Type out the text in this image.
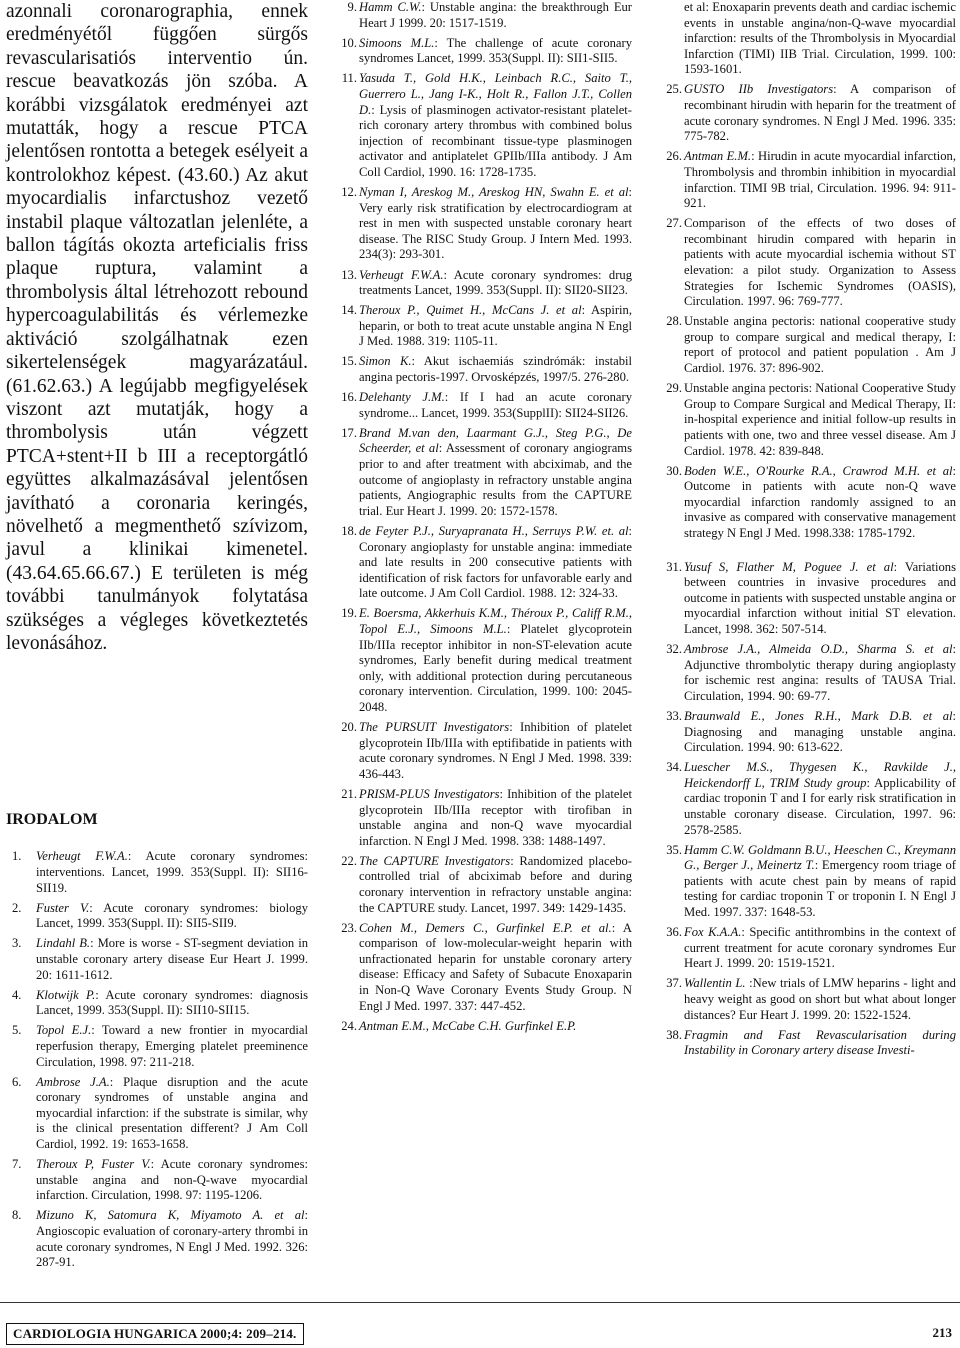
azonnali coronarographia, ennek eredményétől függően sürgős revascularisatiós interventio ún. rescue beavatkozás jön szóba. A korábbi vizsgálatok eredményei azt mutatták, hogy a rescue PTCA jelentősen rontotta a betegek esélyeit a kontrolokhoz képest. (43.60.) Az akut myocardialis infarctushoz vezető instabil plaque változatlan jelenléte, a ballon tágítás okozta arteficialis friss plaque ruptura, valamint a thrombolysis által létrehozott rebound hypercoagulabilitás és vérlemezke aktiváció szolgálhatnak ezen sikertelenségek magyarázatául. (61.62.63.) A legújabb megfigyelések viszont azt mutatják, hogy a thrombolysis után végzett PTCA+stent+II b III a receptorgátló együttes alkalmazásával jelentősen javítható a coronaria keringés, növelhető a megmenthető szívizom, javul a klinikai kimenetel. (43.64.65.66.67.) E területen is még további tanulmányok folytatása szükséges a végleges következtetés levonásához.

IRODALOM
1.	Verheugt F.W.A.: Acute coronary syndromes: interventions. Lancet, 1999. 353(Suppl. II): SII16-SII19.
2.	Fuster V.: Acute coronary syndromes: biology Lancet, 1999. 353(Suppl. II): SII5-SII9.
3.	Lindahl B.: More is worse - ST-segment deviation in unstable coronary artery disease Eur Heart J. 1999. 20: 1611-1612.
4.	Klotwijk P.: Acute coronary syndromes: diagnosis Lancet, 1999. 353(Suppl. II): SII10-SII15.
5.	Topol E.J.: Toward a new frontier in myocardial reperfusion therapy, Emerging platelet preeminence Circulation, 1998. 97: 211-218.
6.	Ambrose J.A.: Plaque disruption and the acute coronary syndromes of unstable angina and myocardial infarction: if the substrate is similar, why is the clinical presentation different? J Am Coll Cardiol, 1992. 19: 1653-1658.
7.	Theroux P, Fuster V.: Acute coronary syndromes: unstable angina and non-Q-wave myocardial infarction. Circulation, 1998. 97: 1195-1206.
8.	Mizuno K, Satomura K, Miyamoto A. et al: Angioscopic evaluation of coronary-artery thrombi in acute coronary syndromes, N Engl J Med. 1992. 326: 287-91.
9. Hamm C.W.: Unstable angina: the breakthrough Eur Heart J 1999. 20: 1517-1519.
10. Simoons M.L.: The challenge of acute coronary syndromes Lancet, 1999. 353(Suppl. II): SII1-SII5.
11. Yasuda T., Gold H.K., Leinbach R.C., Saito T., Guerrero L., Jang I-K., Holt R., Fallon J.T., Collen D.: Lysis of plasminogen activator-resistant platelet-rich coronary artery thrombus with combined bolus injection of recombinant tissue-type plasminogen activator and antiplatelet GPIIb/IIIa antibody. J Am Coll Cardiol, 1990. 16: 1728-1735.
12. Nyman I, Areskog M., Areskog HN, Swahn E. et al: Very early risk stratification by electrocardiogram at rest in men with suspected unstable coronary heart disease. The RISC Study Group. J Intern Med. 1993. 234(3): 293-301.
13. Verheugt F.W.A.: Acute coronary syndromes: drug treatments Lancet, 1999. 353(Suppl. II): SII20-SII23.
14. Theroux P., Quimet H., McCans J. et al: Aspirin, heparin, or both to treat acute unstable angina N Engl J Med. 1988. 319: 1105-11.
15. Simon K.: Akut ischaemiás szindrómák: instabil angina pectoris-1997. Orvosképzés, 1997/5. 276-280.
16. Delehanty J.M.: If I had an acute coronary syndrome... Lancet, 1999. 353(SupplII): SII24-SII26.
17. Brand M.van den, Laarmant G.J., Steg P.G., De Scheerder, et al: Assessment of coronary angiograms prior to and after treatment with abciximab, and the outcome of angioplasty in refractory unstable angina patients, Angiographic results from the CAPTURE trial. Eur Heart J. 1999. 20: 1572-1578.
18. de Feyter P.J., Suryapranata H., Serruys P.W. et. al: Coronary angioplasty for unstable angina: immediate and late results in 200 consecutive patients with identification of risk factors for unfavorable early and late outcome. J Am Coll Cardiol. 1988. 12: 324-33.
19. E. Boersma, Akkerhuis K.M., Théroux P., Califf R.M., Topol E.J., Simoons M.L.: Platelet glycoprotein IIb/IIIa receptor inhibitor in non-ST-elevation acute syndromes, Early benefit during medical treatment only, with additional protection during percutaneous coronary intervention. Circulation, 1999. 100: 2045-2048.
20. The PURSUIT Investigators: Inhibition of platelet glycoprotein IIb/IIIa with eptifibatide in patients with acute coronary syndromes. N Engl J Med. 1998. 339: 436-443.
21. PRISM-PLUS Investigators: Inhibition of the platelet glycoprotein IIb/IIIa receptor with tirofiban in unstable angina and non-Q wave myocardial infarction. N Engl J Med. 1998. 338: 1488-1497.
22. The CAPTURE Investigators: Randomized placebo-controlled trial of abciximab before and during coronary intervention in refractory unstable angina: the CAPTURE study. Lancet, 1997. 349: 1429-1435.
23. Cohen M., Demers C., Gurfinkel E.P. et al.: A comparison of low-molecular-weight heparin with unfractionated heparin for unstable coronary artery disease: Efficacy and Safety of Subacute Enoxaparin in Non-Q Wave Coronary Events Study Group. N Engl J Med. 1997. 337: 447-452.
24. Antman E.M., McCabe C.H. Gurfinkel E.P.

et al: Enoxaparin prevents death and cardiac ischemic events in unstable angina/non-Q-wave myocardial infarction: results of the Thrombolysis in Myocardial Infarction (TIMI) IIB Trial. Circulation, 1999. 100: 1593-1601.

25. GUSTO IIb Investigators: A comparison of recombinant hirudin with heparin for the treatment of acute coronary syndromes. N Engl J Med. 1996. 335: 775-782.
26. Antman E.M.: Hirudin in acute myocardial infarction, Thrombolysis and thrombin inhibition in myocardial infarction. TIMI 9B trial, Circulation. 1996. 94: 911-921.
27. Comparison of the effects of two doses of recombinant hirudin compared with heparin in patients with acute myocardial ischemia without ST elevation: a pilot study. Organization to Assess Strategies for Ischemic Syndromes (OASIS), Circulation. 1997. 96: 769-777.
28. Unstable angina pectoris: national cooperative study group to compare surgical and medical therapy, I: report of protocol and patient population . Am J Cardiol. 1976. 37: 896-902.
29. Unstable angina pectoris: National Cooperative Study Group to Compare Surgical and Medical Therapy, II: in-hospital experience and initial follow-up results in patients with one, two and three vessel disease. Am J Cardiol. 1978. 42: 839-848.
30. Boden W.E., O'Rourke R.A., Crawrod M.H. et al: Outcome in patients with acute non-Q wave myocardial infarction randomly assigned to an invasive as compared with conservative management strategy N Engl J Med. 1998.338: 1785-1792.
31. Yusuf S, Flather M, Poguee J. et al: Variations between countries in invasive procedures and outcome in patients with suspected unstable angina or myocardial infarction without initial ST elevation. Lancet, 1998. 362: 507-514.
32. Ambrose J.A., Almeida O.D., Sharma S. et al: Adjunctive thrombolytic therapy during angioplasty for ischemic rest angina: results of TAUSA Trial. Circulation, 1994. 90: 69-77.
33. Braunwald E., Jones R.H., Mark D.B. et al: Diagnosing and managing unstable angina. Circulation. 1994. 90: 613-622.
34. Luescher M.S., Thygesen K., Ravkilde J., Heickendorff L, TRIM Study group: Applicability of cardiac troponin T and I for early risk stratification in unstable coronary disease. Circulation, 1997. 96: 2578-2585.
35. Hamm C.W. Goldmann B.U., Heeschen C., Kreymann G., Berger J., Meinertz T.: Emergency room triage of patients with acute chest pain by means of rapid testing for cardiac troponin T or troponin I. N Engl J Med. 1997. 337: 1648-53.
36. Fox K.A.A.: Specific antithrombins in the context of current treatment for acute coronary syndromes Eur Heart J. 1999. 20: 1519-1521.
37. Wallentin L. :New trials of LMW heparins - light and heavy weight as good on short but what about longer distances? Eur Heart J. 1999. 20: 1522-1524.
38. Fragmin and Fast Revascularisation during Instability in Coronary artery disease Investi-
CARDIOLOGIA HUNGARICA 2000;4: 209–214.	213
